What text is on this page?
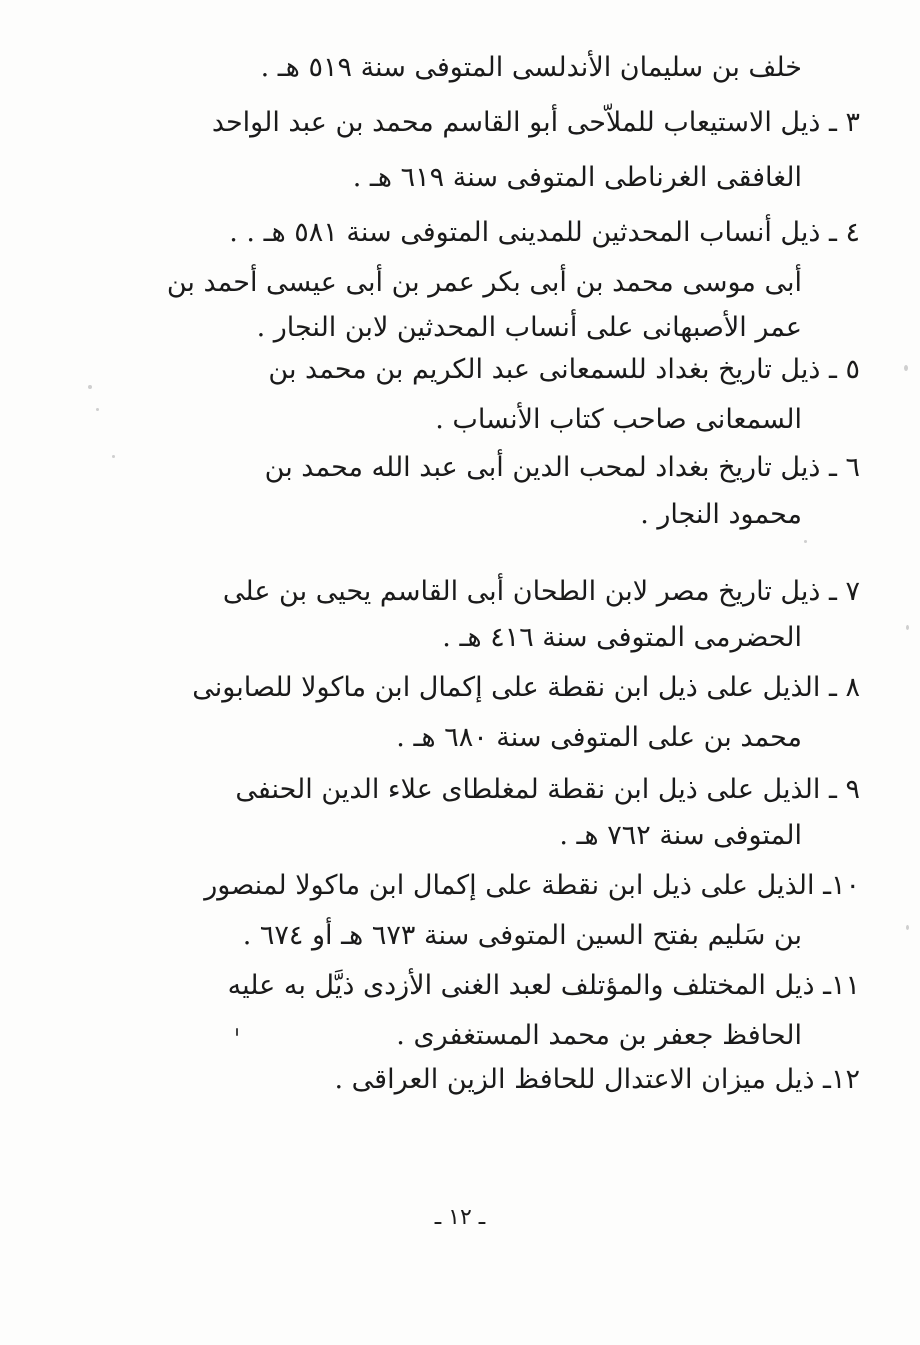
خلف بن سليمان الأندلسى المتوفى سنة ٥١٩ هـ .
٣ ـ ذيل الاستيعاب للملاّحى أبو القاسم محمد بن عبد الواحد
الغافقى الغرناطى المتوفى سنة ٦١٩ هـ .
٤ ـ ذيل أنساب المحدثين للمدينى المتوفى سنة ٥٨١ هـ . .
أبى موسى محمد بن أبى بكر عمر بن أبى عيسى أحمد بن
عمر الأصبهانى على أنساب المحدثين لابن النجار .
٥ ـ ذيل تاريخ بغداد للسمعانى عبد الكريم بن محمد بن
السمعانى صاحب كتاب الأنساب .
٦ ـ ذيل تاريخ بغداد لمحب الدين أبى عبد الله محمد بن
محمود النجار .
٧ ـ ذيل تاريخ مصر لابن الطحان أبى القاسم يحيى بن على
الحضرمى المتوفى سنة ٤١٦ هـ .
٨ ـ الذيل على ذيل ابن نقطة على إكمال ابن ماكولا للصابونى
محمد بن على المتوفى سنة ٦٨٠ هـ .
٩ ـ الذيل على ذيل ابن نقطة لمغلطاى علاء الدين الحنفى
المتوفى سنة ٧٦٢ هـ .
١٠ـ الذيل على ذيل ابن نقطة على إكمال ابن ماكولا لمنصور
بن سَليم بفتح السين المتوفى سنة ٦٧٣ هـ أو ٦٧٤ .
١١ـ ذيل المختلف والمؤتلف لعبد الغنى الأزدى ذيَّل به عليه
الحافظ جعفر بن محمد المستغفرى .
١٢ـ ذيل ميزان الاعتدال للحافظ الزين العراقى .
ـ ١٢ ـ
